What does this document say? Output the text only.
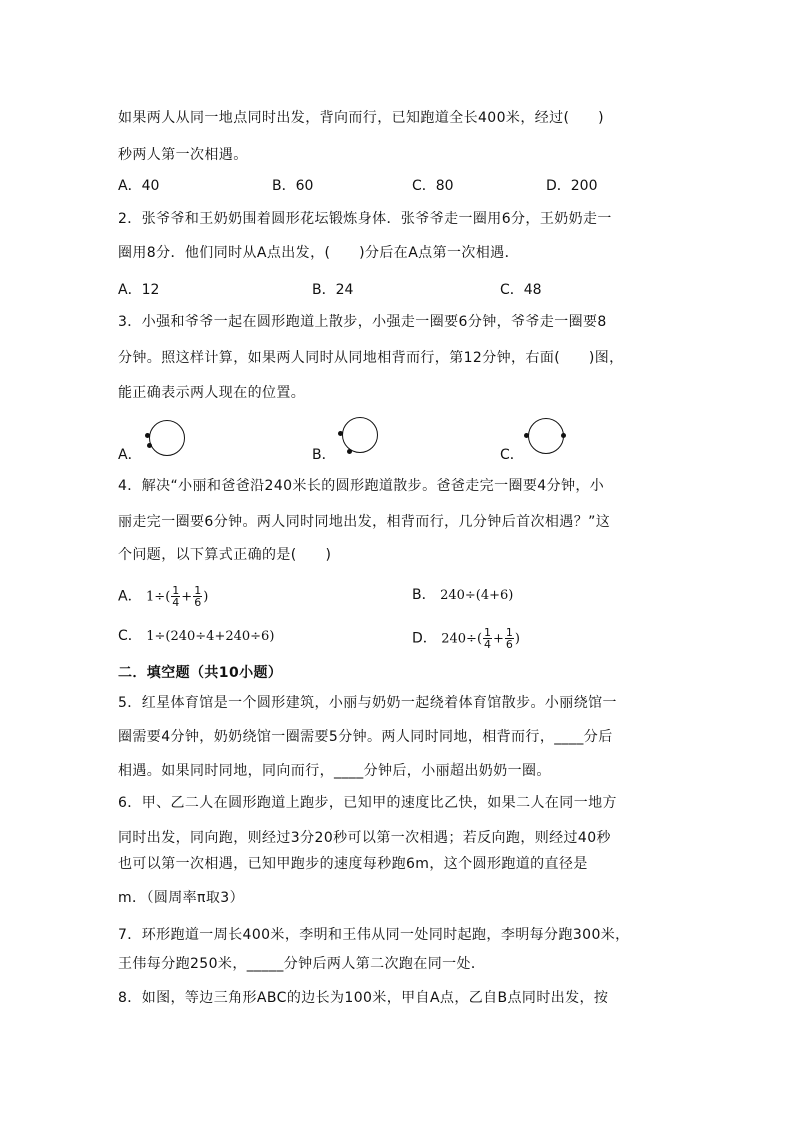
如果两人从同一地点同时出发，背向而行，已知跑道全长400米，经过(　　)
秒两人第一次相遇。
A．40	B．60	C．80	D．200
2．张爷爷和王奶奶围着圆形花坛锻炼身体．张爷爷走一圈用6分，王奶奶走一
圈用8分．他们同时从A点出发，(　　)分后在A点第一次相遇．
A．12	B．24	C．48
3．小强和爷爷一起在圆形跑道上散步，小强走一圈要6分钟，爷爷走一圈要8
分钟。照这样计算，如果两人同时从同地相背而行，第12分钟，右面(　　)图，
能正确表示两人现在的位置。
A．	B．	C．
4．解决“小丽和爸爸沿240米长的圆形跑道散步。爸爸走完一圈要4分钟，小
丽走完一圈要6分钟。两人同时同地出发，相背而行，几分钟后首次相遇？”这
个问题，以下算式正确的是(　　)
A． $1\div( \frac{1}{4} + \frac{1}{6}$ )	B． 240÷(4+6)
C． 1÷(240÷4+240÷6)	D． $240\div( \frac{1}{4} + \frac{1}{6}$ )
二．填空题（共10小题）
5．红星体育馆是一个圆形建筑，小丽与奶奶一起绕着体育馆散步。小丽绕馆一
圈需要4分钟，奶奶绕馆一圈需要5分钟。两人同时同地，相背而行，____分后
相遇。如果同时同地，同向而行，____分钟后，小丽超出奶奶一圈。
6．甲、乙二人在圆形跑道上跑步，已知甲的速度比乙快，如果二人在同一地方
同时出发，同向跑，则经过3分20秒可以第一次相遇；若反向跑，则经过40秒
也可以第一次相遇，已知甲跑步的速度每秒跑6m，这个圆形跑道的直径是
m．（圆周率π取3）
7．环形跑道一周长400米，李明和王伟从同一处同时起跑，李明每分跑300米，
王伟每分跑250米，_____分钟后两人第二次跑在同一处．
8．如图，等边三角形ABC的边长为100米，甲自A点，乙自B点同时出发，按
